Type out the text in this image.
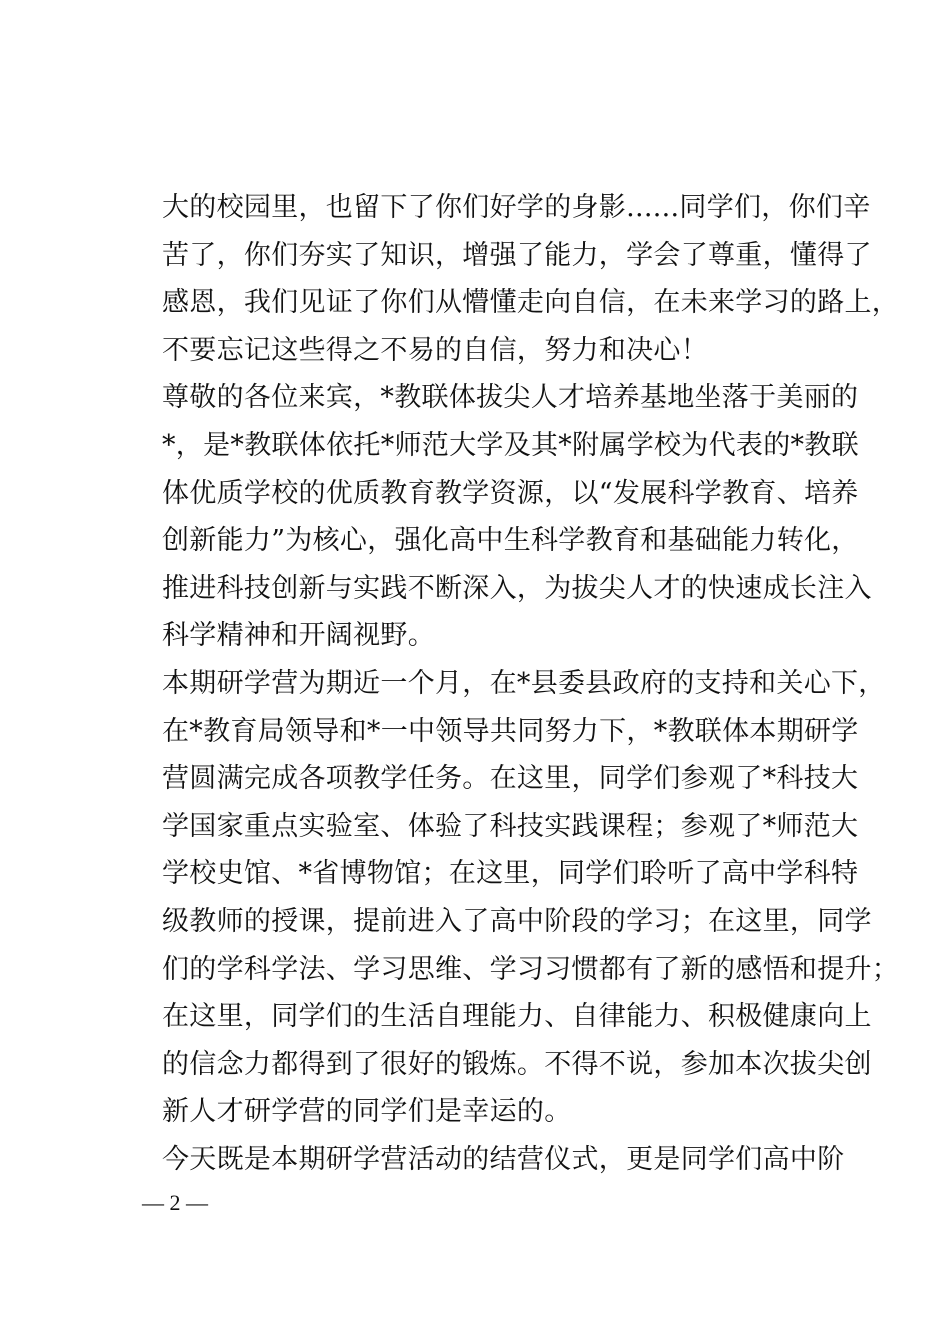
大的校园里，也留下了你们好学的身影......同学们，你们辛
苦了，你们夯实了知识，增强了能力，学会了尊重，懂得了
感恩，我们见证了你们从懵懂走向自信，在未来学习的路上，
不要忘记这些得之不易的自信，努力和决心！
尊敬的各位来宾，*教联体拔尖人才培养基地坐落于美丽的
*，是*教联体依托*师范大学及其*附属学校为代表的*教联
体优质学校的优质教育教学资源，以“发展科学教育、培养
创新能力”为核心，强化高中生科学教育和基础能力转化，
推进科技创新与实践不断深入，为拔尖人才的快速成长注入
科学精神和开阔视野。
本期研学营为期近一个月，在*县委县政府的支持和关心下，
在*教育局领导和*一中领导共同努力下，*教联体本期研学
营圆满完成各项教学任务。在这里，同学们参观了*科技大
学国家重点实验室、体验了科技实践课程；参观了*师范大
学校史馆、*省博物馆；在这里，同学们聆听了高中学科特
级教师的授课，提前进入了高中阶段的学习；在这里，同学
们的学科学法、学习思维、学习习惯都有了新的感悟和提升；
在这里，同学们的生活自理能力、自律能力、积极健康向上
的信念力都得到了很好的锻炼。不得不说，参加本次拔尖创
新人才研学营的同学们是幸运的。
今天既是本期研学营活动的结营仪式，更是同学们高中阶
— 2 —
